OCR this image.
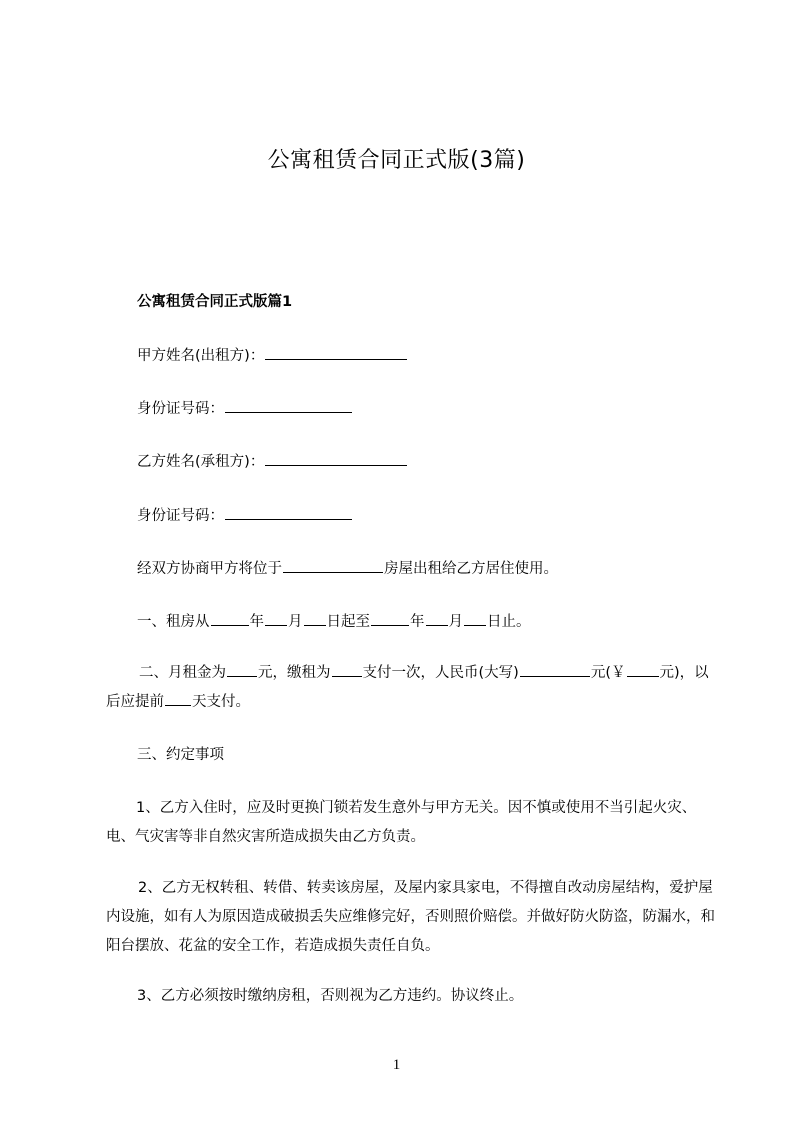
公寓租赁合同正式版(3篇)
公寓租赁合同正式版篇1
甲方姓名(出租方)：
身份证号码：
乙方姓名(承租方)：
身份证号码：
经双方协商甲方将位于	房屋出租给乙方居住使用。
一、租房从	年 月 日起至	年 月 日止。
二、月租金为 元，缴租为 支付一次，人民币(大写)	元(￥ 元)，以后应提前 天支付。
三、约定事项
1、乙方入住时，应及时更换门锁若发生意外与甲方无关。因不慎或使用不当引起火灾、电、气灾害等非自然灾害所造成损失由乙方负责。
2、乙方无权转租、转借、转卖该房屋，及屋内家具家电，不得擅自改动房屋结构，爱护屋内设施，如有人为原因造成破损丢失应维修完好，否则照价赔偿。并做好防火防盗，防漏水，和阳台摆放、花盆的安全工作，若造成损失责任自负。
3、乙方必须按时缴纳房租，否则视为乙方违约。协议终止。
1
